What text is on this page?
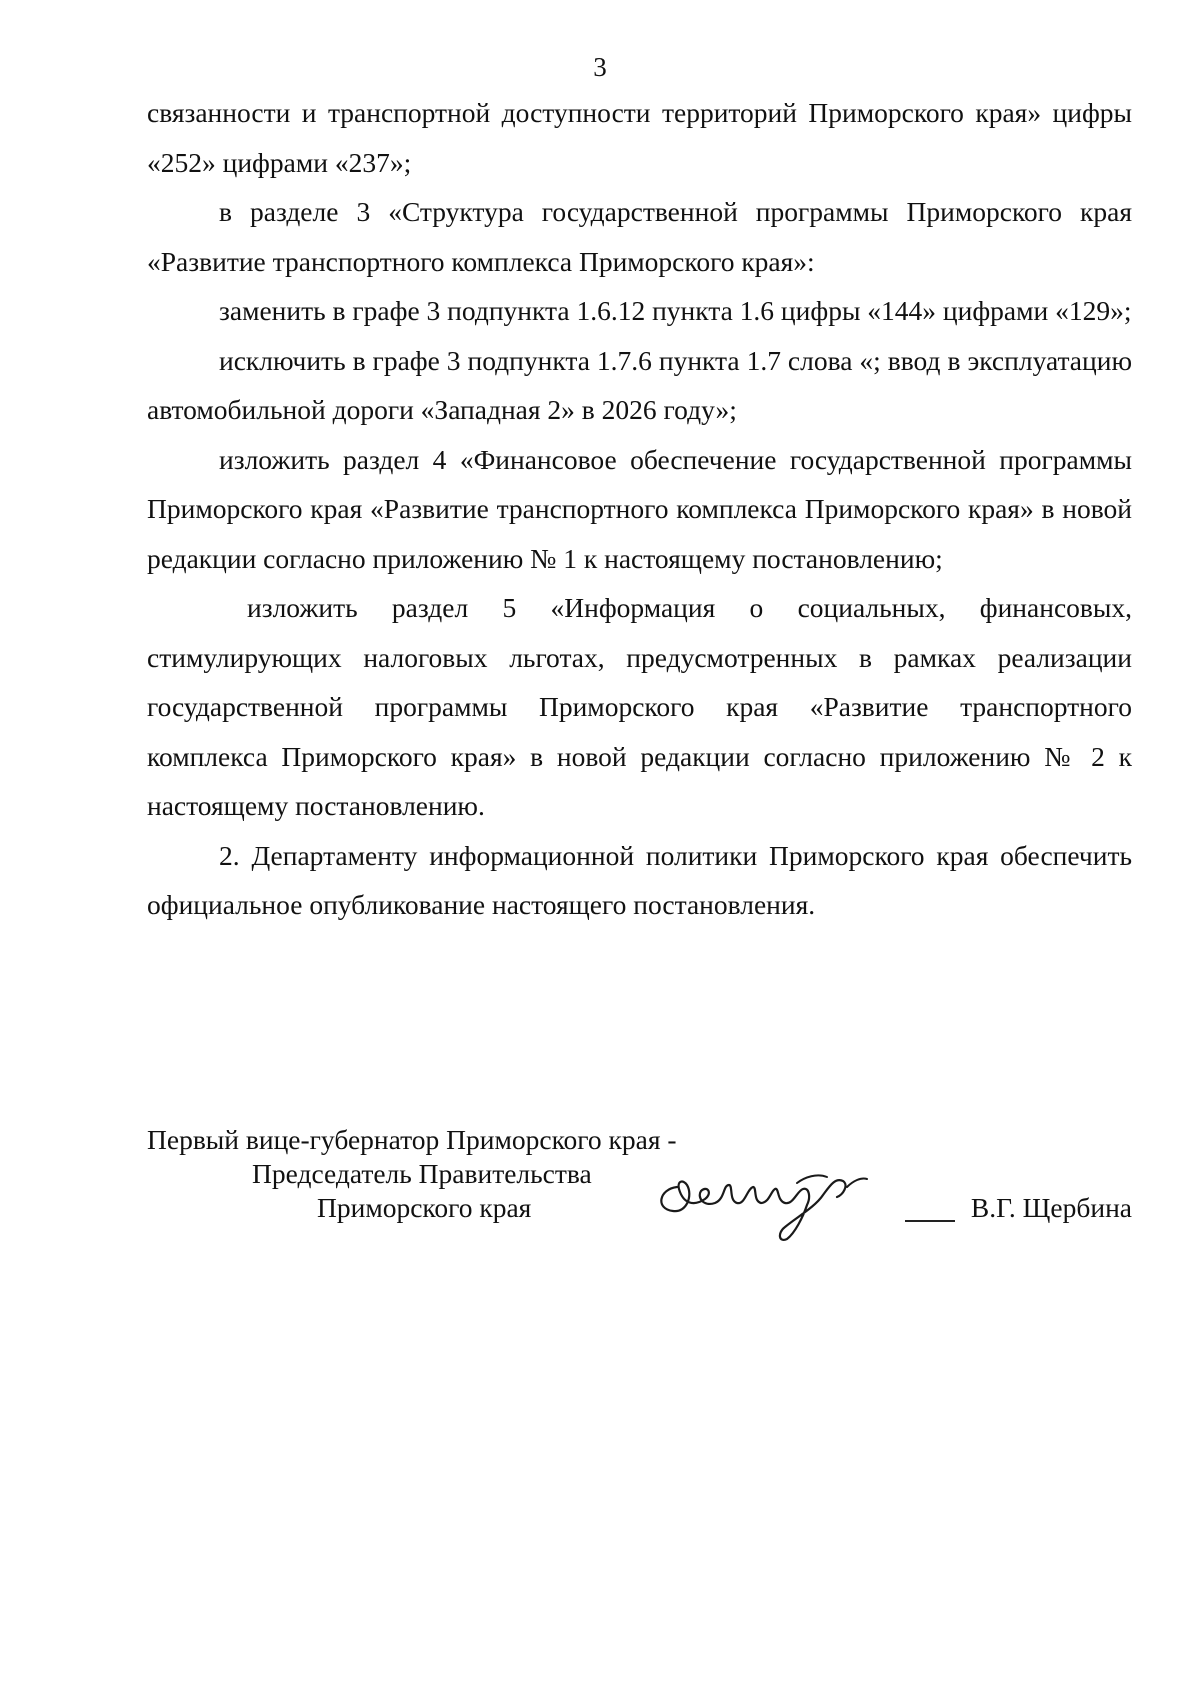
3

связанности и транспортной доступности территорий Приморского края» цифры «252» цифрами «237»;

в разделе 3 «Структура государственной программы Приморского края «Развитие транспортного комплекса Приморского края»:

заменить в графе 3 подпункта 1.6.12 пункта 1.6 цифры «144» цифрами «129»;

исключить в графе 3 подпункта 1.7.6 пункта 1.7 слова «; ввод в эксплуатацию автомобильной дороги «Западная 2» в 2026 году»;

изложить раздел 4 «Финансовое обеспечение государственной программы Приморского края «Развитие транспортного комплекса Приморского края» в новой редакции согласно приложению № 1 к настоящему постановлению;

изложить раздел 5 «Информация о социальных, финансовых, стимулирующих налоговых льготах, предусмотренных в рамках реализации государственной программы Приморского края «Развитие транспортного комплекса Приморского края» в новой редакции согласно приложению № 2 к настоящему постановлению.

2. Департаменту информационной политики Приморского края обеспечить официальное опубликование настоящего постановления.

Первый вице-губернатор Приморского края -
Председатель Правительства
Приморского края	В.Г. Щербина
